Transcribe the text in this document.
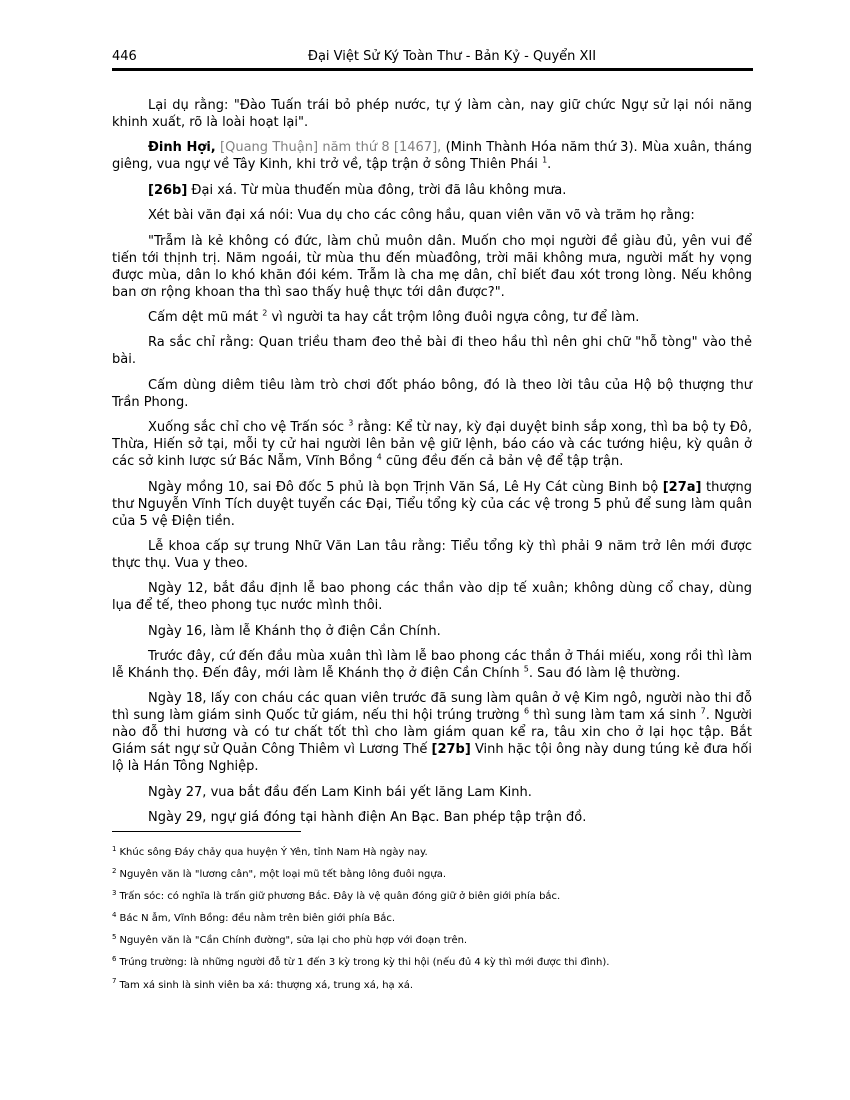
446	Đại Việt Sử Ký Toàn Thư - Bản Kỷ - Quyển XII

Lại dụ rằng: "Đào Tuấn trái bỏ phép nước, tự ý làm càn, nay giữ chức Ngự sử lại nói năng khinh xuất, rõ là loài hoạt lại".

Đinh Hợi, [Quang Thuận] năm thứ 8 [1467], (Minh Thành Hóa năm thứ 3). Mùa xuân, tháng giêng, vua ngự về Tây Kinh, khi trở về, tập trận ở sông Thiên Phái $^1$.

[26b] Đại xá. Từ mùa thuđến mùa đông, trời đã lâu không mưa.

Xét bài văn đại xá nói: Vua dụ cho các công hầu, quan viên văn võ và trăm họ rằng:

"Trẫm là kẻ không có đức, làm chủ muôn dân. Muốn cho mọi người đề giàu đủ, yên vui để tiến tới thịnh trị. Năm ngoái, từ mùa thu đến mùađông, trời mãi không mưa, người mất hy vọng được mùa, dân lo khó khăn đói kém. Trẫm là cha mẹ dân, chỉ biết đau xót trong lòng. Nếu không ban ơn rộng khoan tha thì sao thấy huệ thực tới dân được?".

Cấm dệt mũ mát $^2$ vì người ta hay cắt trộm lông đuôi ngựa công, tư để làm.

Ra sắc chỉ rằng: Quan triều tham đeo thẻ bài đi theo hầu thì nên ghi chữ "hỗ tòng" vào thẻ bài.

Cấm dùng diêm tiêu làm trò chơi đốt pháo bông, đó là theo lời tâu của Hộ bộ thượng thư Trần Phong.

Xuống sắc chỉ cho vệ Trấn sóc $^3$ rằng: Kể từ nay, kỳ đại duyệt binh sắp xong, thì ba bộ ty Đô, Thừa, Hiến sở tại, mỗi ty cử hai người lên bản vệ giữ lệnh, báo cáo và các tướng hiệu, kỳ quân ở các sở kinh lược sứ Bác Nẫm, Vĩnh Bồng $^4$ cũng đều đến cả bản vệ để tập trận.

Ngày mồng 10, sai Đô đốc 5 phủ là bọn Trịnh Văn Sá, Lê Hy Cát cùng Binh bộ [27a] thượng thư Nguyễn Vĩnh Tích duyệt tuyển các Đại, Tiểu tổng kỳ của các vệ trong 5 phủ để sung làm quân của 5 vệ Điện tiền.

Lễ khoa cấp sự trung Nhữ Văn Lan tâu rằng: Tiểu tổng kỳ thì phải 9 năm trở lên mới được thực thụ. Vua y theo.

Ngày 12, bắt đầu định lễ bao phong các thần vào dịp tế xuân; không dùng cổ chay, dùng lụa để tế, theo phong tục nước mình thôi.

Ngày 16, làm lễ Khánh thọ ở điện Cần Chính.

Trước đây, cứ đến đầu mùa xuân thì làm lễ bao phong các thần ở Thái miếu, xong rồi thì làm lễ Khánh thọ. Đến đây, mới làm lễ Khánh thọ ở điện Cần Chính $^5$. Sau đó làm lệ thường.

Ngày 18, lấy con cháu các quan viên trước đã sung làm quân ở vệ Kim ngô, người nào thi đỗ thì sung làm giám sinh Quốc tử giám, nếu thi hội trúng trường $^6$ thì sung làm tam xá sinh $^7$. Người nào đỗ thi hương và có tư chất tốt thì cho làm giám quan kể ra, tâu xin cho ở lại học tập. Bắt Giám sát ngự sử Quản Công Thiêm vì Lương Thế [27b] Vinh hặc tội ông này dung túng kẻ đưa hối lộ là Hán Tông Nghiệp.

Ngày 27, vua bắt đầu đến Lam Kinh bái yết lăng Lam Kinh.

Ngày 29, ngự giá đóng tại hành điện An Bạc. Ban phép tập trận đồ.

$^1$ Khúc sông Đáy chảy qua huyện Ý Yên, tỉnh Nam Hà ngày nay.
$^2$ Nguyên văn là "lương cân", một loại mũ tết bằng lông đuôi ngựa.
$^3$ Trấn sóc: có nghĩa là trấn giữ phương Bắc. Đây là vệ quân đóng giữ ở biên giới phía bắc.
$^4$ Bác N ẫm, Vĩnh Bồng: đều nằm trên biên giới phía Bắc.
$^5$ Nguyên văn là "Cần Chính đường", sửa lại cho phù hợp với đoạn trên.
$^6$ Trúng trường: là những người đỗ từ 1 đến 3 kỳ trong kỳ thi hội (nếu đủ 4 kỳ thì mới được thi đình).
$^7$ Tam xá sinh là sinh viên ba xá: thượng xá, trung xá, hạ xá.
